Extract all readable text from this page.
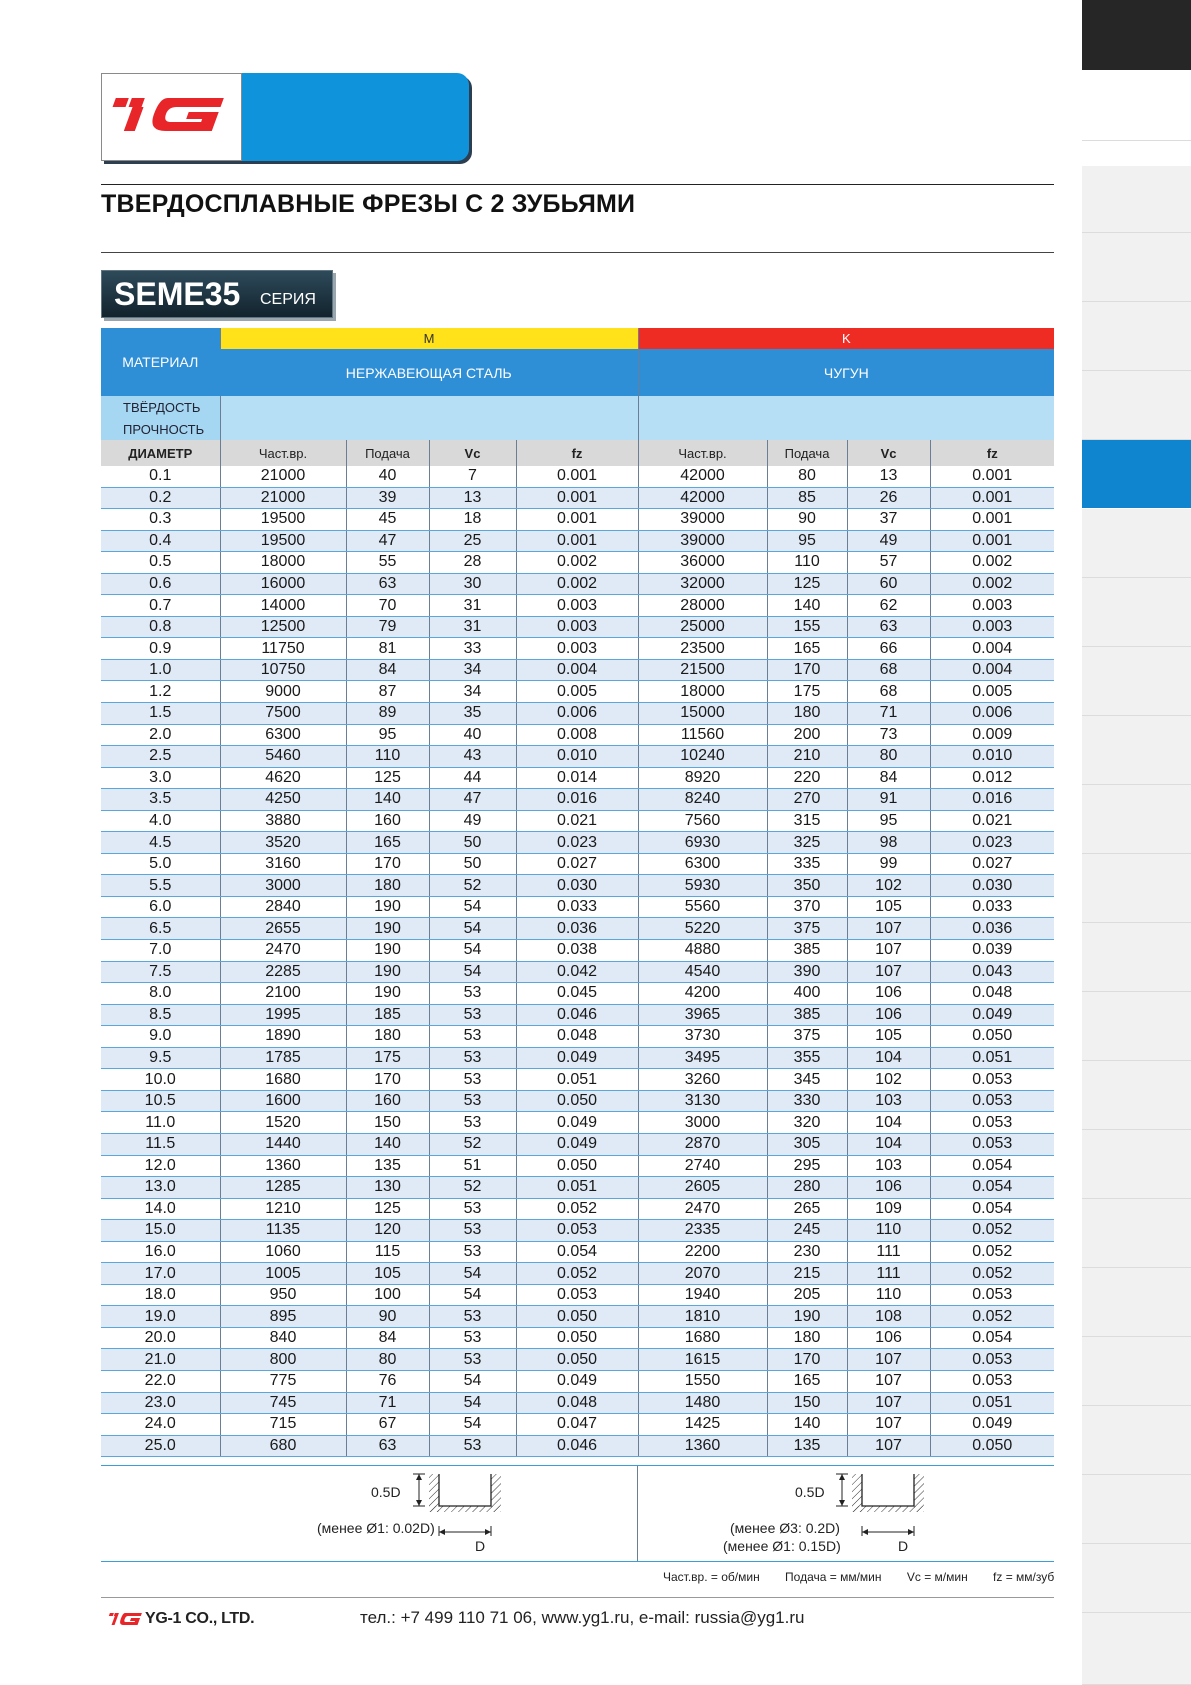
ТВЕРДОСПЛАВНЫЕ ФРЕЗЫ С 2 ЗУБЬЯМИ
SEME35 СЕРИЯ
МАТЕРИАЛ	M				K			
	НЕРЖАВЕЮЩАЯ СТАЛЬ				ЧУГУН			
ТВЁРДОСТЬ								
ПРОЧНОСТЬ								
ДИАМЕТР	Част.вр.	Подача	Vc	fz	Част.вр.	Подача	Vc	fz
0.1	21000	40	7	0.001	42000	80	13	0.001
0.2	21000	39	13	0.001	42000	85	26	0.001
0.3	19500	45	18	0.001	39000	90	37	0.001
0.4	19500	47	25	0.001	39000	95	49	0.001
0.5	18000	55	28	0.002	36000	110	57	0.002
0.6	16000	63	30	0.002	32000	125	60	0.002
0.7	14000	70	31	0.003	28000	140	62	0.003
0.8	12500	79	31	0.003	25000	155	63	0.003
0.9	11750	81	33	0.003	23500	165	66	0.004
1.0	10750	84	34	0.004	21500	170	68	0.004
1.2	9000	87	34	0.005	18000	175	68	0.005
1.5	7500	89	35	0.006	15000	180	71	0.006
2.0	6300	95	40	0.008	11560	200	73	0.009
2.5	5460	110	43	0.010	10240	210	80	0.010
3.0	4620	125	44	0.014	8920	220	84	0.012
3.5	4250	140	47	0.016	8240	270	91	0.016
4.0	3880	160	49	0.021	7560	315	95	0.021
4.5	3520	165	50	0.023	6930	325	98	0.023
5.0	3160	170	50	0.027	6300	335	99	0.027
5.5	3000	180	52	0.030	5930	350	102	0.030
6.0	2840	190	54	0.033	5560	370	105	0.033
6.5	2655	190	54	0.036	5220	375	107	0.036
7.0	2470	190	54	0.038	4880	385	107	0.039
7.5	2285	190	54	0.042	4540	390	107	0.043
8.0	2100	190	53	0.045	4200	400	106	0.048
8.5	1995	185	53	0.046	3965	385	106	0.049
9.0	1890	180	53	0.048	3730	375	105	0.050
9.5	1785	175	53	0.049	3495	355	104	0.051
10.0	1680	170	53	0.051	3260	345	102	0.053
10.5	1600	160	53	0.050	3130	330	103	0.053
11.0	1520	150	53	0.049	3000	320	104	0.053
11.5	1440	140	52	0.049	2870	305	104	0.053
12.0	1360	135	51	0.050	2740	295	103	0.054
13.0	1285	130	52	0.051	2605	280	106	0.054
14.0	1210	125	53	0.052	2470	265	109	0.054
15.0	1135	120	53	0.053	2335	245	110	0.052
16.0	1060	115	53	0.054	2200	230	111	0.052
17.0	1005	105	54	0.052	2070	215	111	0.052
18.0	950	100	54	0.053	1940	205	110	0.053
19.0	895	90	53	0.050	1810	190	108	0.052
20.0	840	84	53	0.050	1680	180	106	0.054
21.0	800	80	53	0.050	1615	170	107	0.053
22.0	775	76	54	0.049	1550	165	107	0.053
23.0	745	71	54	0.048	1480	150	107	0.051
24.0	715	67	54	0.047	1425	140	107	0.049
25.0	680	63	53	0.046	1360	135	107	0.050
0.5D
(менее Ø1: 0.02D)
D
0.5D
(менее Ø3: 0.2D)
(менее Ø1: 0.15D)	D
Част.вр. = об/мин Подача = мм/мин Vc = м/мин fz = мм/зуб
YG-1 CO., LTD.	тел.: +7 499 110 71 06, www.yg1.ru, e-mail: russia@yg1.ru
